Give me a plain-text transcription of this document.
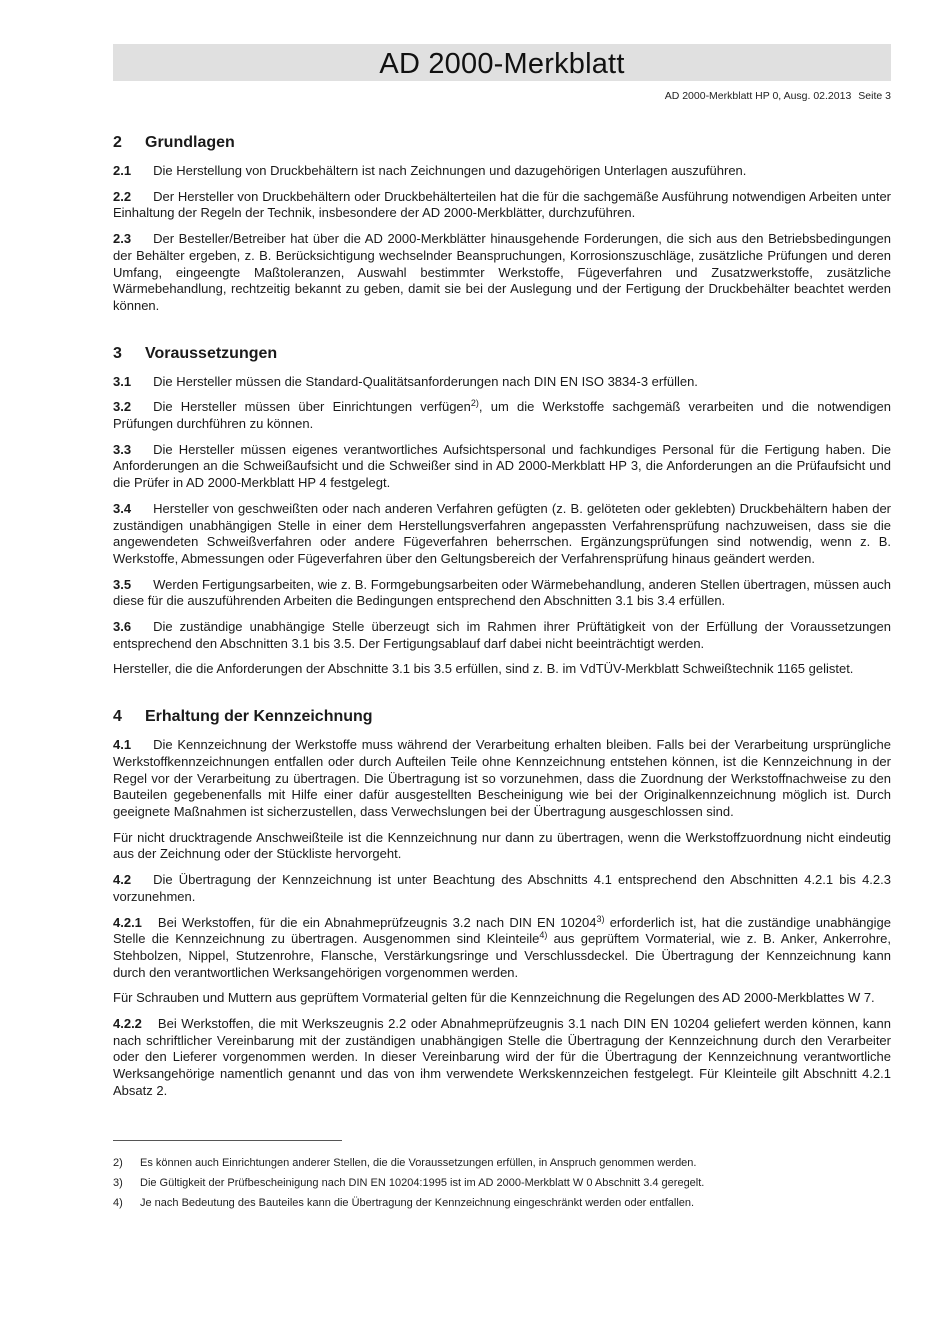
AD 2000-Merkblatt
AD 2000-Merkblatt HP 0, Ausg. 02.2013 Seite 3
2 Grundlagen

2.1 Die Herstellung von Druckbehältern ist nach Zeichnungen und dazugehörigen Unterlagen auszuführen.

2.2 Der Hersteller von Druckbehältern oder Druckbehälterteilen hat die für die sachgemäße Ausführung notwendigen Arbeiten unter Einhaltung der Regeln der Technik, insbesondere der AD 2000-Merkblätter, durchzuführen.

2.3 Der Besteller/Betreiber hat über die AD 2000-Merkblätter hinausgehende Forderungen, die sich aus den Betriebsbedingungen der Behälter ergeben, z. B. Berücksichtigung wechselnder Beanspruchungen, Korrosionszuschläge, zusätzliche Prüfungen und deren Umfang, eingeengte Maßtoleranzen, Auswahl bestimmter Werkstoffe, Fügeverfahren und Zusatzwerkstoffe, zusätzliche Wärmebehandlung, rechtzeitig bekannt zu geben, damit sie bei der Auslegung und der Fertigung der Druckbehälter beachtet werden können.

3 Voraussetzungen

3.1 Die Hersteller müssen die Standard-Qualitätsanforderungen nach DIN EN ISO 3834-3 erfüllen.

3.2 Die Hersteller müssen über Einrichtungen verfügen$^{2)}$, um die Werkstoffe sachgemäß verarbeiten und die notwendigen Prüfungen durchführen zu können.

3.3 Die Hersteller müssen eigenes verantwortliches Aufsichtspersonal und fachkundiges Personal für die Fertigung haben. Die Anforderungen an die Schweißaufsicht und die Schweißer sind in AD 2000-Merkblatt HP 3, die Anforderungen an die Prüfaufsicht und die Prüfer in AD 2000-Merkblatt HP 4 festgelegt.

3.4 Hersteller von geschweißten oder nach anderen Verfahren gefügten (z. B. gelöteten oder geklebten) Druckbehältern haben der zuständigen unabhängigen Stelle in einer dem Herstellungsverfahren angepassten Verfahrensprüfung nachzuweisen, dass sie die angewendeten Schweißverfahren oder andere Fügeverfahren beherrschen. Ergänzungsprüfungen sind notwendig, wenn z. B. Werkstoffe, Abmessungen oder Fügeverfahren über den Geltungsbereich der Verfahrensprüfung hinaus geändert werden.

3.5 Werden Fertigungsarbeiten, wie z. B. Formgebungsarbeiten oder Wärmebehandlung, anderen Stellen übertragen, müssen auch diese für die auszuführenden Arbeiten die Bedingungen entsprechend den Abschnitten 3.1 bis 3.4 erfüllen.

3.6 Die zuständige unabhängige Stelle überzeugt sich im Rahmen ihrer Prüftätigkeit von der Erfüllung der Voraussetzungen entsprechend den Abschnitten 3.1 bis 3.5. Der Fertigungsablauf darf dabei nicht beeinträchtigt werden.

Hersteller, die die Anforderungen der Abschnitte 3.1 bis 3.5 erfüllen, sind z. B. im VdTÜV-Merkblatt Schweißtechnik 1165 gelistet.

4 Erhaltung der Kennzeichnung

4.1 Die Kennzeichnung der Werkstoffe muss während der Verarbeitung erhalten bleiben. Falls bei der Verarbeitung ursprüngliche Werkstoffkennzeichnungen entfallen oder durch Aufteilen Teile ohne Kennzeichnung entstehen können, ist die Kennzeichnung in der Regel vor der Verarbeitung zu übertragen. Die Übertragung ist so vorzunehmen, dass die Zuordnung der Werkstoffnachweise zu den Bauteilen gegebenenfalls mit Hilfe einer dafür ausgestellten Bescheinigung wie bei der Originalkennzeichnung möglich ist. Durch geeignete Maßnahmen ist sicherzustellen, dass Verwechslungen bei der Übertragung ausgeschlossen sind.

Für nicht drucktragende Anschweißteile ist die Kennzeichnung nur dann zu übertragen, wenn die Werkstoffzuordnung nicht eindeutig aus der Zeichnung oder der Stückliste hervorgeht.

4.2 Die Übertragung der Kennzeichnung ist unter Beachtung des Abschnitts 4.1 entsprechend den Abschnitten 4.2.1 bis 4.2.3 vorzunehmen.

4.2.1 Bei Werkstoffen, für die ein Abnahmeprüfzeugnis 3.2 nach DIN EN 10204$^{3)}$ erforderlich ist, hat die zuständige unabhängige Stelle die Kennzeichnung zu übertragen. Ausgenommen sind Kleinteile$^{4)}$ aus geprüftem Vormaterial, wie z. B. Anker, Ankerrohre, Stehbolzen, Nippel, Stutzenrohre, Flansche, Verstärkungsringe und Verschlussdeckel. Die Übertragung der Kennzeichnung kann durch den verantwortlichen Werksangehörigen vorgenommen werden.

Für Schrauben und Muttern aus geprüftem Vormaterial gelten für die Kennzeichnung die Regelungen des AD 2000-Merkblattes W 7.

4.2.2 Bei Werkstoffen, die mit Werkszeugnis 2.2 oder Abnahmeprüfzeugnis 3.1 nach DIN EN 10204 geliefert werden können, kann nach schriftlicher Vereinbarung mit der zuständigen unabhängigen Stelle die Übertragung der Kennzeichnung durch den Verarbeiter oder den Lieferer vorgenommen werden. In dieser Vereinbarung wird der für die Übertragung der Kennzeichnung verantwortliche Werksangehörige namentlich genannt und das von ihm verwendete Werkskennzeichen festgelegt. Für Kleinteile gilt Abschnitt 4.2.1 Absatz 2.

2) Es können auch Einrichtungen anderer Stellen, die die Voraussetzungen erfüllen, in Anspruch genommen werden.
3) Die Gültigkeit der Prüfbescheinigung nach DIN EN 10204:1995 ist im AD 2000-Merkblatt W 0 Abschnitt 3.4 geregelt.
4) Je nach Bedeutung des Bauteiles kann die Übertragung der Kennzeichnung eingeschränkt werden oder entfallen.
